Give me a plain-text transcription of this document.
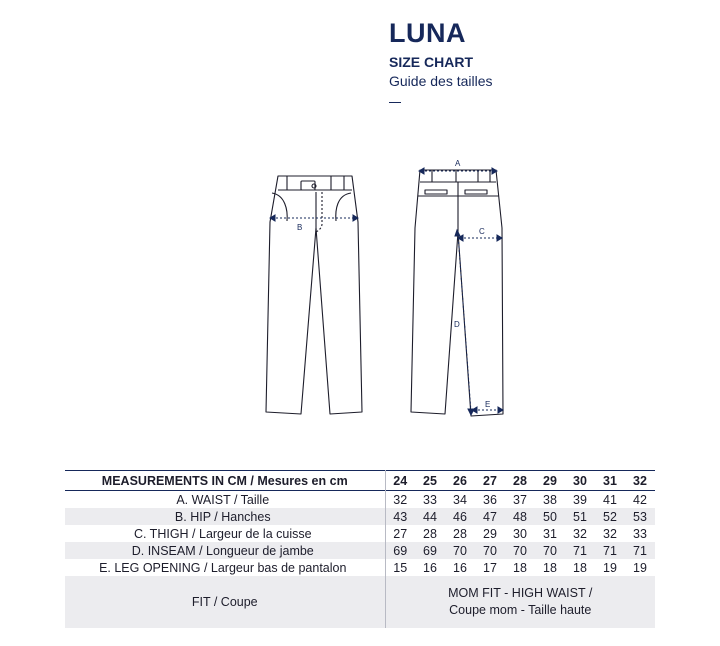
LUNA
SIZE CHART
Guide des tailles
B
A
C
D
E
MEASUREMENTS IN CM / Mesures en cm	24	25	26	27	28	29	30	31	32
A. WAIST / Taille	32	33	34	36	37	38	39	41	42
B. HIP / Hanches	43	44	46	47	48	50	51	52	53
C. THIGH / Largeur de la cuisse	27	28	28	29	30	31	32	32	33
D. INSEAM / Longueur de jambe	69	69	70	70	70	70	71	71	71
E. LEG OPENING / Largeur bas de pantalon	15	16	16	17	18	18	18	19	19
FIT / Coupe	MOM FIT - HIGH WAIST /
Coupe mom - Taille haute								
